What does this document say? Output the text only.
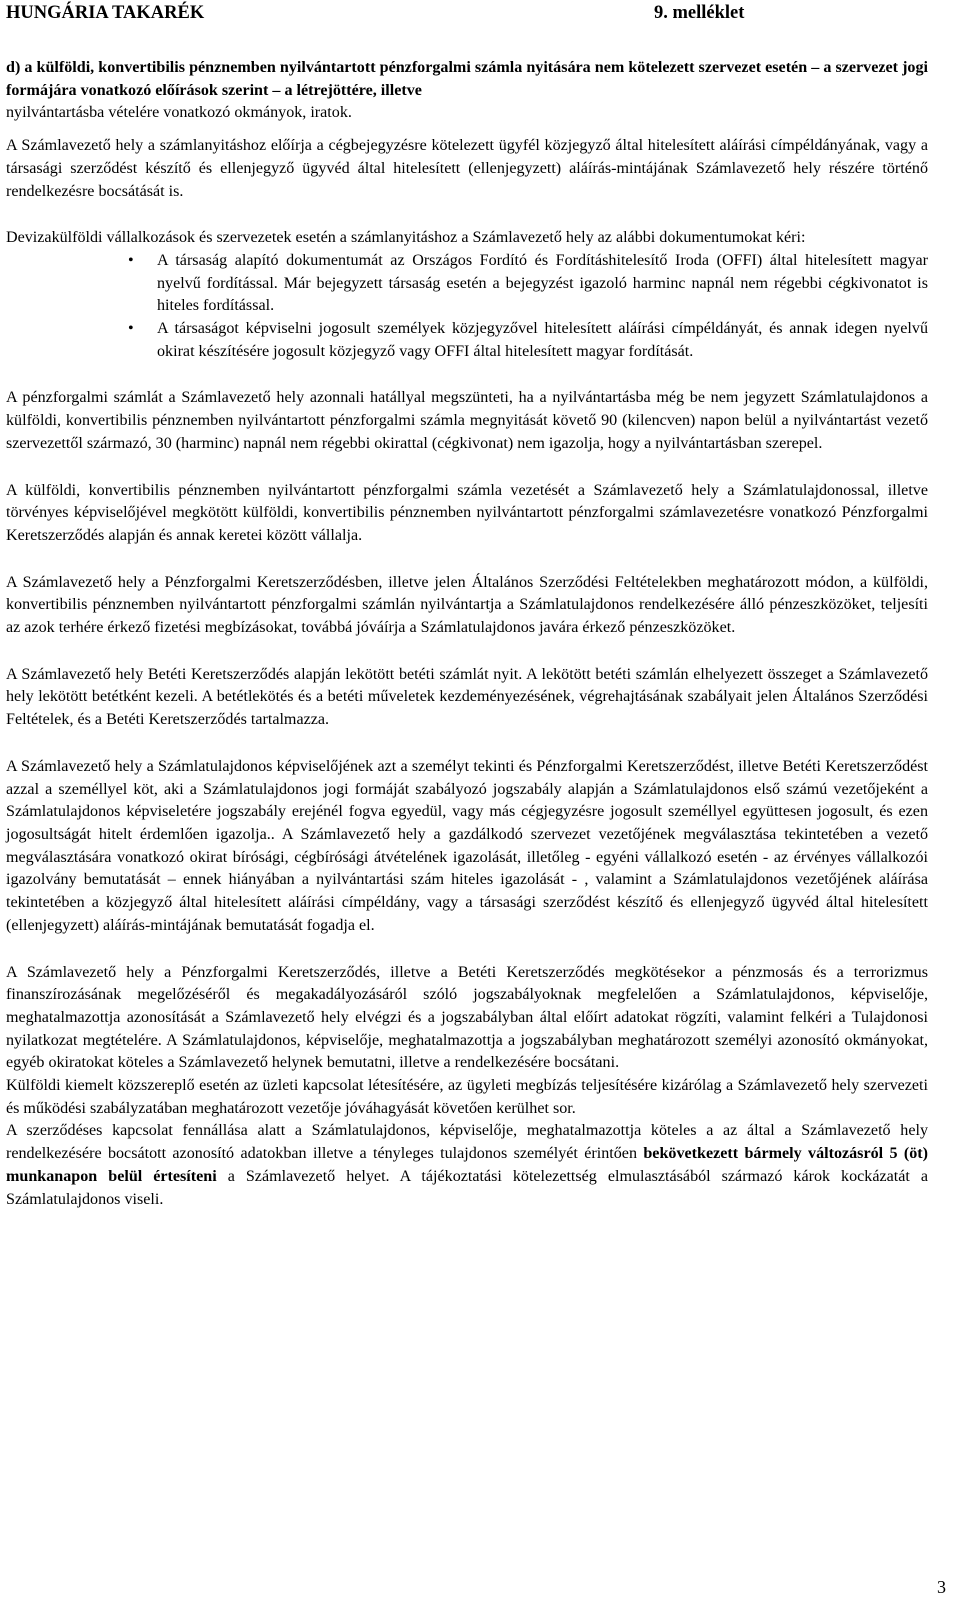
HUNGÁRIA TAKARÉK	9. melléklet

d) a külföldi, konvertibilis pénznemben nyilvántartott pénzforgalmi számla nyitására nem kötelezett szervezet esetén – a szervezet jogi formájára vonatkozó előírások szerint – a létrejöttére, illetve

nyilvántartásba vételére vonatkozó okmányok, iratok.

A Számlavezető hely a számlanyitáshoz előírja a cégbejegyzésre kötelezett ügyfél közjegyző által hitelesített aláírási címpéldányának, vagy a társasági szerződést készítő és ellenjegyző ügyvéd által hitelesített (ellenjegyzett) aláírás-mintájának Számlavezető hely részére történő rendelkezésre bocsátását is.

Devizakülföldi vállalkozások és szervezetek esetén a számlanyitáshoz a Számlavezető hely az alábbi dokumentumokat kéri:

• A társaság alapító dokumentumát az Országos Fordító és Fordításhitelesítő Iroda (OFFI) által hitelesített magyar nyelvű fordítással. Már bejegyzett társaság esetén a bejegyzést igazoló harminc napnál nem régebbi cégkivonatot is hiteles fordítással.
• A társaságot képviselni jogosult személyek közjegyzővel hitelesített aláírási címpéldányát, és annak idegen nyelvű okirat készítésére jogosult közjegyző vagy OFFI által hitelesített magyar fordítását.

A pénzforgalmi számlát a Számlavezető hely azonnali hatállyal megszünteti, ha a nyilvántartásba még be nem jegyzett Számlatulajdonos a külföldi, konvertibilis pénznemben nyilvántartott pénzforgalmi számla megnyitását követő 90 (kilencven) napon belül a nyilvántartást vezető szervezettől származó, 30 (harminc) napnál nem régebbi okirattal (cégkivonat) nem igazolja, hogy a nyilvántartásban szerepel.

A külföldi, konvertibilis pénznemben nyilvántartott pénzforgalmi számla vezetését a Számlavezető hely a Számlatulajdonossal, illetve törvényes képviselőjével megkötött külföldi, konvertibilis pénznemben nyilvántartott pénzforgalmi számlavezetésre vonatkozó Pénzforgalmi Keretszerződés alapján és annak keretei között vállalja.

A Számlavezető hely a Pénzforgalmi Keretszerződésben, illetve jelen Általános Szerződési Feltételekben meghatározott módon, a külföldi, konvertibilis pénznemben nyilvántartott pénzforgalmi számlán nyilvántartja a Számlatulajdonos rendelkezésére álló pénzeszközöket, teljesíti az azok terhére érkező fizetési megbízásokat, továbbá jóváírja a Számlatulajdonos javára érkező pénzeszközöket.

A Számlavezető hely Betéti Keretszerződés alapján lekötött betéti számlát nyit. A lekötött betéti számlán elhelyezett összeget a Számlavezető hely lekötött betétként kezeli. A betétlekötés és a betéti műveletek kezdeményezésének, végrehajtásának szabályait jelen Általános Szerződési Feltételek, és a Betéti Keretszerződés tartalmazza.

A Számlavezető hely a Számlatulajdonos képviselőjének azt a személyt tekinti és Pénzforgalmi Keretszerződést, illetve Betéti Keretszerződést azzal a személlyel köt, aki a Számlatulajdonos jogi formáját szabályozó jogszabály alapján a Számlatulajdonos első számú vezetőjeként a Számlatulajdonos képviseletére jogszabály erejénél fogva egyedül, vagy más cégjegyzésre jogosult személlyel együttesen jogosult, és ezen jogosultságát hitelt érdemlően igazolja.. A Számlavezető hely a gazdálkodó szervezet vezetőjének megválasztása tekintetében a vezető megválasztására vonatkozó okirat bírósági, cégbírósági átvételének igazolását, illetőleg - egyéni vállalkozó esetén - az érvényes vállalkozói igazolvány bemutatását – ennek hiányában a nyilvántartási szám hiteles igazolását - , valamint a Számlatulajdonos vezetőjének aláírása tekintetében a közjegyző által hitelesített aláírási címpéldány, vagy a társasági szerződést készítő és ellenjegyző ügyvéd által hitelesített (ellenjegyzett) aláírás-mintájának bemutatását fogadja el.

A Számlavezető hely a Pénzforgalmi Keretszerződés, illetve a Betéti Keretszerződés megkötésekor a pénzmosás és a terrorizmus finanszírozásának megelőzéséről és megakadályozásáról szóló jogszabályoknak megfelelően a Számlatulajdonos, képviselője, meghatalmazottja azonosítását a Számlavezető hely elvégzi és a jogszabályban által előírt adatokat rögzíti, valamint felkéri a Tulajdonosi nyilatkozat megtételére. A Számlatulajdonos, képviselője, meghatalmazottja a jogszabályban meghatározott személyi azonosító okmányokat, egyéb okiratokat köteles a Számlavezető helynek bemutatni, illetve a rendelkezésére bocsátani.

Külföldi kiemelt közszereplő esetén az üzleti kapcsolat létesítésére, az ügyleti megbízás teljesítésére kizárólag a Számlavezető hely szervezeti és működési szabályzatában meghatározott vezetője jóváhagyását követően kerülhet sor.

A szerződéses kapcsolat fennállása alatt a Számlatulajdonos, képviselője, meghatalmazottja köteles a az által a Számlavezető hely rendelkezésére bocsátott azonosító adatokban illetve a tényleges tulajdonos személyét érintően bekövetkezett bármely változásról 5 (öt) munkanapon belül értesíteni a Számlavezető helyet. A tájékoztatási kötelezettség elmulasztásából származó károk kockázatát a Számlatulajdonos viseli.

3
